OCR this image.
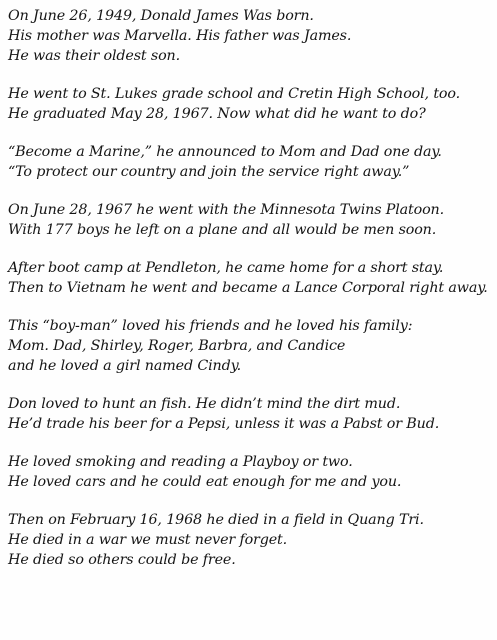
On June 26, 1949, Donald James Was born.
His mother was Marvella. His father was James.
He was their oldest son.
He went to St. Lukes grade school and Cretin High School, too.
He graduated May 28, 1967. Now what did he want to do?
“Become a Marine,” he announced to Mom and Dad one day.
“To protect our country and join the service right away.”
On June 28, 1967 he went with the Minnesota Twins Platoon.
With 177 boys he left on a plane and all would be men soon.
After boot camp at Pendleton, he came home for a short stay.
Then to Vietnam he went and became a Lance Corporal right away.
This “boy-man” loved his friends and he loved his family:
Mom. Dad, Shirley, Roger, Barbra, and Candice
and he loved a girl named Cindy.
Don loved to hunt an fish. He didn’t mind the dirt mud.
He’d trade his beer for a Pepsi, unless it was a Pabst or Bud.
He loved smoking and reading a Playboy or two.
He loved cars and he could eat enough for me and you.
Then on February 16, 1968 he died in a field in Quang Tri.
He died in a war we must never forget.
He died so others could be free.
